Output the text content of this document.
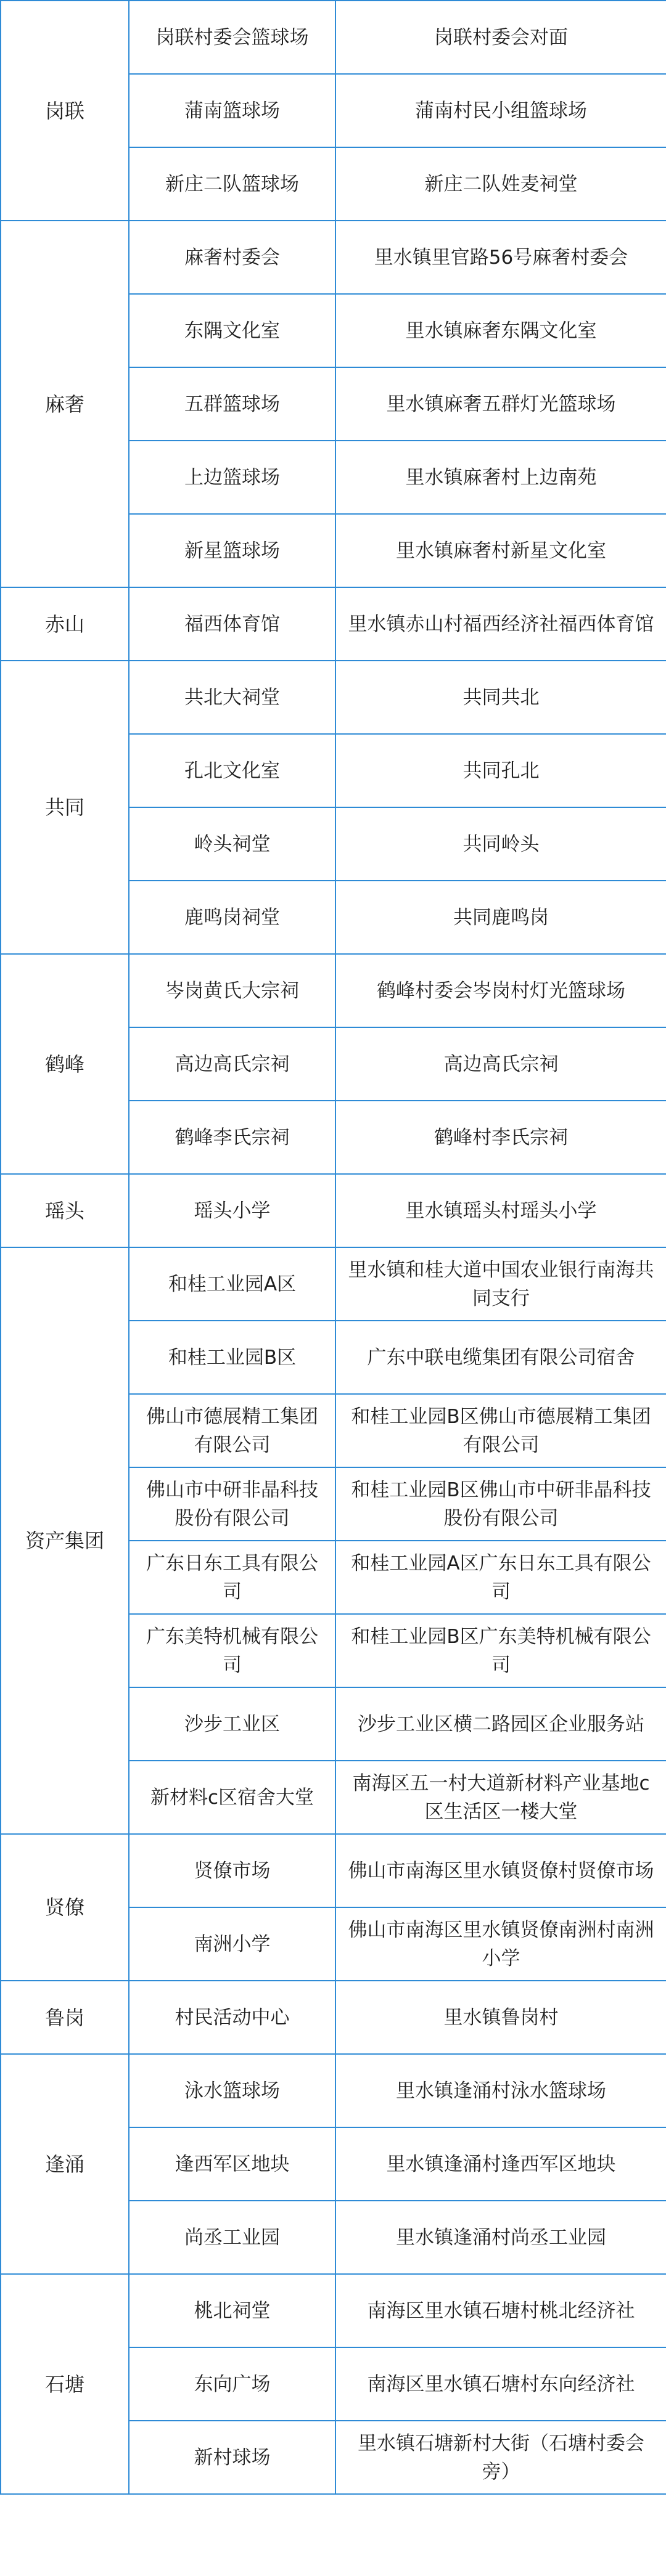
岗联	岗联村委会篮球场	岗联村委会对面
	蒲南篮球场	蒲南村民小组篮球场
	新庄二队篮球场	新庄二队姓麦祠堂
麻奢	麻奢村委会	里水镇里官路56号麻奢村委会
	东隅文化室	里水镇麻奢东隅文化室
	五群篮球场	里水镇麻奢五群灯光篮球场
	上边篮球场	里水镇麻奢村上边南苑
	新星篮球场	里水镇麻奢村新星文化室
赤山	福西体育馆	里水镇赤山村福西经济社福西体育馆
共同	共北大祠堂	共同共北
	孔北文化室	共同孔北
	岭头祠堂	共同岭头
	鹿鸣岗祠堂	共同鹿鸣岗
鹤峰	岑岗黄氏大宗祠	鹤峰村委会岑岗村灯光篮球场
	高边高氏宗祠	高边高氏宗祠
	鹤峰李氏宗祠	鹤峰村李氏宗祠
瑶头	瑶头小学	里水镇瑶头村瑶头小学
资产集团	和桂工业园A区	里水镇和桂大道中国农业银行南海共同支行
	和桂工业园B区	广东中联电缆集团有限公司宿舍
	佛山市德展精工集团有限公司	和桂工业园B区佛山市德展精工集团有限公司
	佛山市中研非晶科技股份有限公司	和桂工业园B区佛山市中研非晶科技股份有限公司
	广东日东工具有限公司	和桂工业园A区广东日东工具有限公司
	广东美特机械有限公司	和桂工业园B区广东美特机械有限公司
	沙步工业区	沙步工业区横二路园区企业服务站
	新材料c区宿舍大堂	南海区五一村大道新材料产业基地c区生活区一楼大堂
贤僚	贤僚市场	佛山市南海区里水镇贤僚村贤僚市场
	南洲小学	佛山市南海区里水镇贤僚南洲村南洲小学
鲁岗	村民活动中心	里水镇鲁岗村
逢涌	泳水篮球场	里水镇逢涌村泳水篮球场
	逢西军区地块	里水镇逢涌村逢西军区地块
	尚丞工业园	里水镇逢涌村尚丞工业园
石塘	桃北祠堂	南海区里水镇石塘村桃北经济社
	东向广场	南海区里水镇石塘村东向经济社
	新村球场	里水镇石塘新村大街（石塘村委会旁）
